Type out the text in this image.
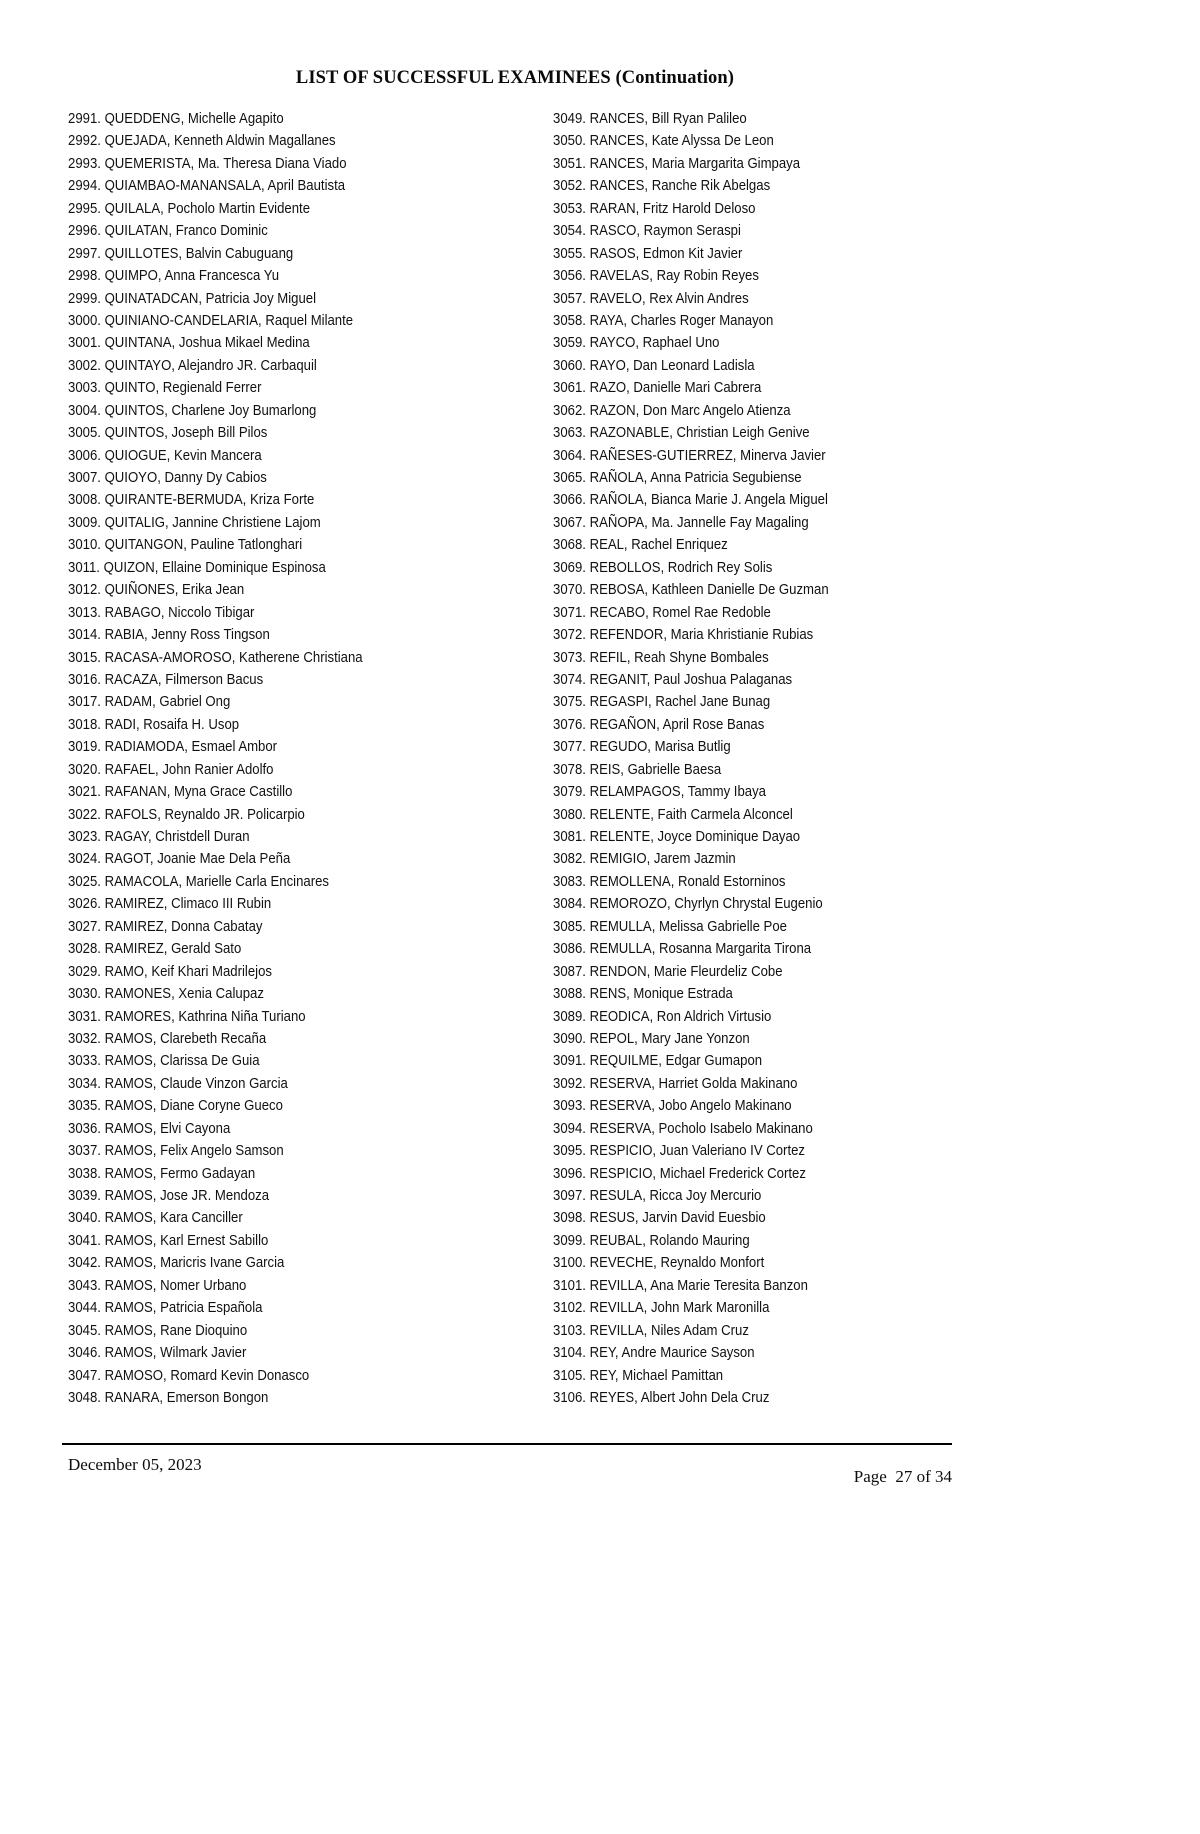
LIST OF SUCCESSFUL EXAMINEES (Continuation)
2991. QUEDDENG, Michelle Agapito
2992. QUEJADA, Kenneth Aldwin Magallanes
2993. QUEMERISTA, Ma. Theresa Diana Viado
2994. QUIAMBAO-MANANSALA, April Bautista
2995. QUILALA, Pocholo Martin Evidente
2996. QUILATAN, Franco Dominic
2997. QUILLOTES, Balvin Cabuguang
2998. QUIMPO, Anna Francesca Yu
2999. QUINATADCAN, Patricia Joy Miguel
3000. QUINIANO-CANDELARIA, Raquel Milante
3001. QUINTANA, Joshua Mikael Medina
3002. QUINTAYO, Alejandro JR. Carbaquil
3003. QUINTO, Regienald Ferrer
3004. QUINTOS, Charlene Joy Bumarlong
3005. QUINTOS, Joseph Bill Pilos
3006. QUIOGUE, Kevin Mancera
3007. QUIOYO, Danny Dy Cabios
3008. QUIRANTE-BERMUDA, Kriza Forte
3009. QUITALIG, Jannine Christiene Lajom
3010. QUITANGON, Pauline Tatlonghari
3011. QUIZON, Ellaine Dominique Espinosa
3012. QUIÑONES, Erika Jean
3013. RABAGO, Niccolo Tibigar
3014. RABIA, Jenny Ross Tingson
3015. RACASA-AMOROSO, Katherene Christiana
3016. RACAZA, Filmerson Bacus
3017. RADAM, Gabriel Ong
3018. RADI, Rosaifa H. Usop
3019. RADIAMODA, Esmael Ambor
3020. RAFAEL, John Ranier Adolfo
3021. RAFANAN, Myna Grace Castillo
3022. RAFOLS, Reynaldo JR. Policarpio
3023. RAGAY, Christdell Duran
3024. RAGOT, Joanie Mae Dela Peña
3025. RAMACOLA, Marielle Carla Encinares
3026. RAMIREZ, Climaco III Rubin
3027. RAMIREZ, Donna Cabatay
3028. RAMIREZ, Gerald Sato
3029. RAMO, Keif Khari Madrilejos
3030. RAMONES, Xenia Calupaz
3031. RAMORES, Kathrina Niña Turiano
3032. RAMOS, Clarebeth Recaña
3033. RAMOS, Clarissa De Guia
3034. RAMOS, Claude Vinzon Garcia
3035. RAMOS, Diane Coryne Gueco
3036. RAMOS, Elvi Cayona
3037. RAMOS, Felix Angelo Samson
3038. RAMOS, Fermo Gadayan
3039. RAMOS, Jose JR. Mendoza
3040. RAMOS, Kara Canciller
3041. RAMOS, Karl Ernest Sabillo
3042. RAMOS, Maricris Ivane Garcia
3043. RAMOS, Nomer Urbano
3044. RAMOS, Patricia Española
3045. RAMOS, Rane Dioquino
3046. RAMOS, Wilmark Javier
3047. RAMOSO, Romard Kevin Donasco
3048. RANARA, Emerson Bongon
3049. RANCES, Bill Ryan Palileo
3050. RANCES, Kate Alyssa De Leon
3051. RANCES, Maria Margarita Gimpaya
3052. RANCES, Ranche Rik Abelgas
3053. RARAN, Fritz Harold Deloso
3054. RASCO, Raymon Seraspi
3055. RASOS, Edmon Kit Javier
3056. RAVELAS, Ray Robin Reyes
3057. RAVELO, Rex Alvin Andres
3058. RAYA, Charles Roger Manayon
3059. RAYCO, Raphael Uno
3060. RAYO, Dan Leonard Ladisla
3061. RAZO, Danielle Mari Cabrera
3062. RAZON, Don Marc Angelo Atienza
3063. RAZONABLE, Christian Leigh Genive
3064. RAÑESES-GUTIERREZ, Minerva Javier
3065. RAÑOLA, Anna Patricia Segubiense
3066. RAÑOLA, Bianca Marie J. Angela Miguel
3067. RAÑOPA, Ma. Jannelle Fay Magaling
3068. REAL, Rachel Enriquez
3069. REBOLLOS, Rodrich Rey Solis
3070. REBOSA, Kathleen Danielle De Guzman
3071. RECABO, Romel Rae Redoble
3072. REFENDOR, Maria Khristianie Rubias
3073. REFIL, Reah Shyne Bombales
3074. REGANIT, Paul Joshua Palaganas
3075. REGASPI, Rachel Jane Bunag
3076. REGAÑON, April Rose Banas
3077. REGUDO, Marisa Butlig
3078. REIS, Gabrielle Baesa
3079. RELAMPAGOS, Tammy Ibaya
3080. RELENTE, Faith Carmela Alconcel
3081. RELENTE, Joyce Dominique Dayao
3082. REMIGIO, Jarem Jazmin
3083. REMOLLENA, Ronald Estorninos
3084. REMOROZO, Chyrlyn Chrystal Eugenio
3085. REMULLA, Melissa Gabrielle Poe
3086. REMULLA, Rosanna Margarita Tirona
3087. RENDON, Marie Fleurdeliz Cobe
3088. RENS, Monique Estrada
3089. REODICA, Ron Aldrich Virtusio
3090. REPOL, Mary Jane Yonzon
3091. REQUILME, Edgar Gumapon
3092. RESERVA, Harriet Golda Makinano
3093. RESERVA, Jobo Angelo Makinano
3094. RESERVA, Pocholo Isabelo Makinano
3095. RESPICIO, Juan Valeriano IV Cortez
3096. RESPICIO, Michael Frederick Cortez
3097. RESULA, Ricca Joy Mercurio
3098. RESUS, Jarvin David Euesbio
3099. REUBAL, Rolando Mauring
3100. REVECHE, Reynaldo Monfort
3101. REVILLA, Ana Marie Teresita Banzon
3102. REVILLA, John Mark Maronilla
3103. REVILLA, Niles Adam Cruz
3104. REY, Andre Maurice Sayson
3105. REY, Michael Pamittan
3106. REYES, Albert John Dela Cruz
December 05, 2023
Page  27 of 34
